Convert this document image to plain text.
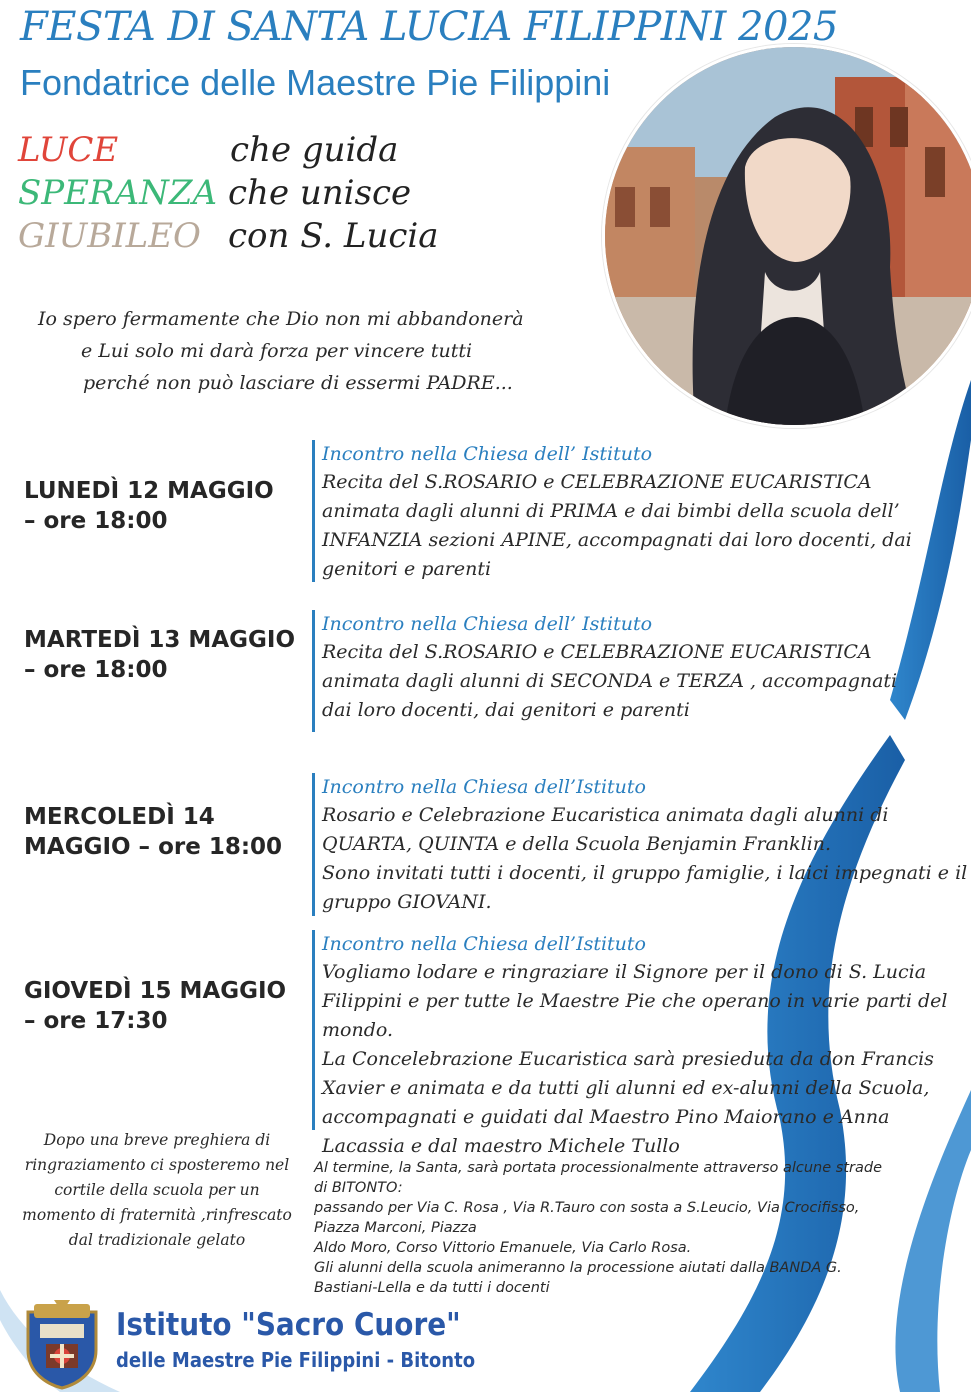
FESTA DI SANTA LUCIA FILIPPINI 2025
Fondatrice delle Maestre Pie Filippini
LUCE	che guida
SPERANZA che unisce
GIUBILEO con S. Lucia
Io spero fermamente che Dio non mi abbandonerà
e Lui solo mi darà forza per vincere tutti
perché non può lasciare di essermi PADRE...
LUNEDÌ 12 MAGGIO
– ore 18:00
Incontro nella Chiesa dell’ Istituto
Recita del S.ROSARIO e CELEBRAZIONE EUCARISTICA animata dagli alunni di PRIMA e dai bimbi della scuola dell’ INFANZIA sezioni APINE, accompagnati dai loro docenti, dai genitori e parenti
MARTEDÌ 13 MAGGIO
– ore 18:00
Incontro nella Chiesa dell’ Istituto
Recita del S.ROSARIO e CELEBRAZIONE EUCARISTICA animata dagli alunni di SECONDA e TERZA , accompagnati dai loro docenti, dai genitori e parenti
MERCOLEDÌ 14
MAGGIO – ore 18:00
Incontro nella Chiesa dell’Istituto
Rosario e Celebrazione Eucaristica animata dagli alunni di QUARTA, QUINTA e della Scuola Benjamin Franklin.
Sono invitati tutti i docenti, il gruppo famiglie, i laici impegnati e il gruppo GIOVANI.
GIOVEDÌ 15 MAGGIO
– ore 17:30
Incontro nella Chiesa dell’Istituto
Vogliamo lodare e ringraziare il Signore per il dono di S. Lucia Filippini e per tutte le Maestre Pie che operano in varie parti del mondo.
La Concelebrazione Eucaristica sarà presieduta da don Francis Xavier e animata e da tutti gli alunni ed ex-alunni della Scuola, accompagnati e guidati dal Maestro Pino Maiorano e Anna Lacassia e dal maestro Michele Tullo
Dopo una breve preghiera di ringraziamento ci sposteremo nel cortile della scuola per un momento di fraternità ,rinfrescato dal tradizionale gelato
Al termine, la Santa, sarà portata processionalmente attraverso alcune strade
di BITONTO:
passando per Via C. Rosa , Via R.Tauro con sosta a S.Leucio, Via Crocifisso,
Piazza Marconi, Piazza
Aldo Moro, Corso Vittorio Emanuele, Via Carlo Rosa.
Gli alunni della scuola animeranno la processione aiutati dalla BANDA G.
Bastiani-Lella e da tutti i docenti
Istituto "Sacro Cuore"
delle Maestre Pie Filippini - Bitonto
